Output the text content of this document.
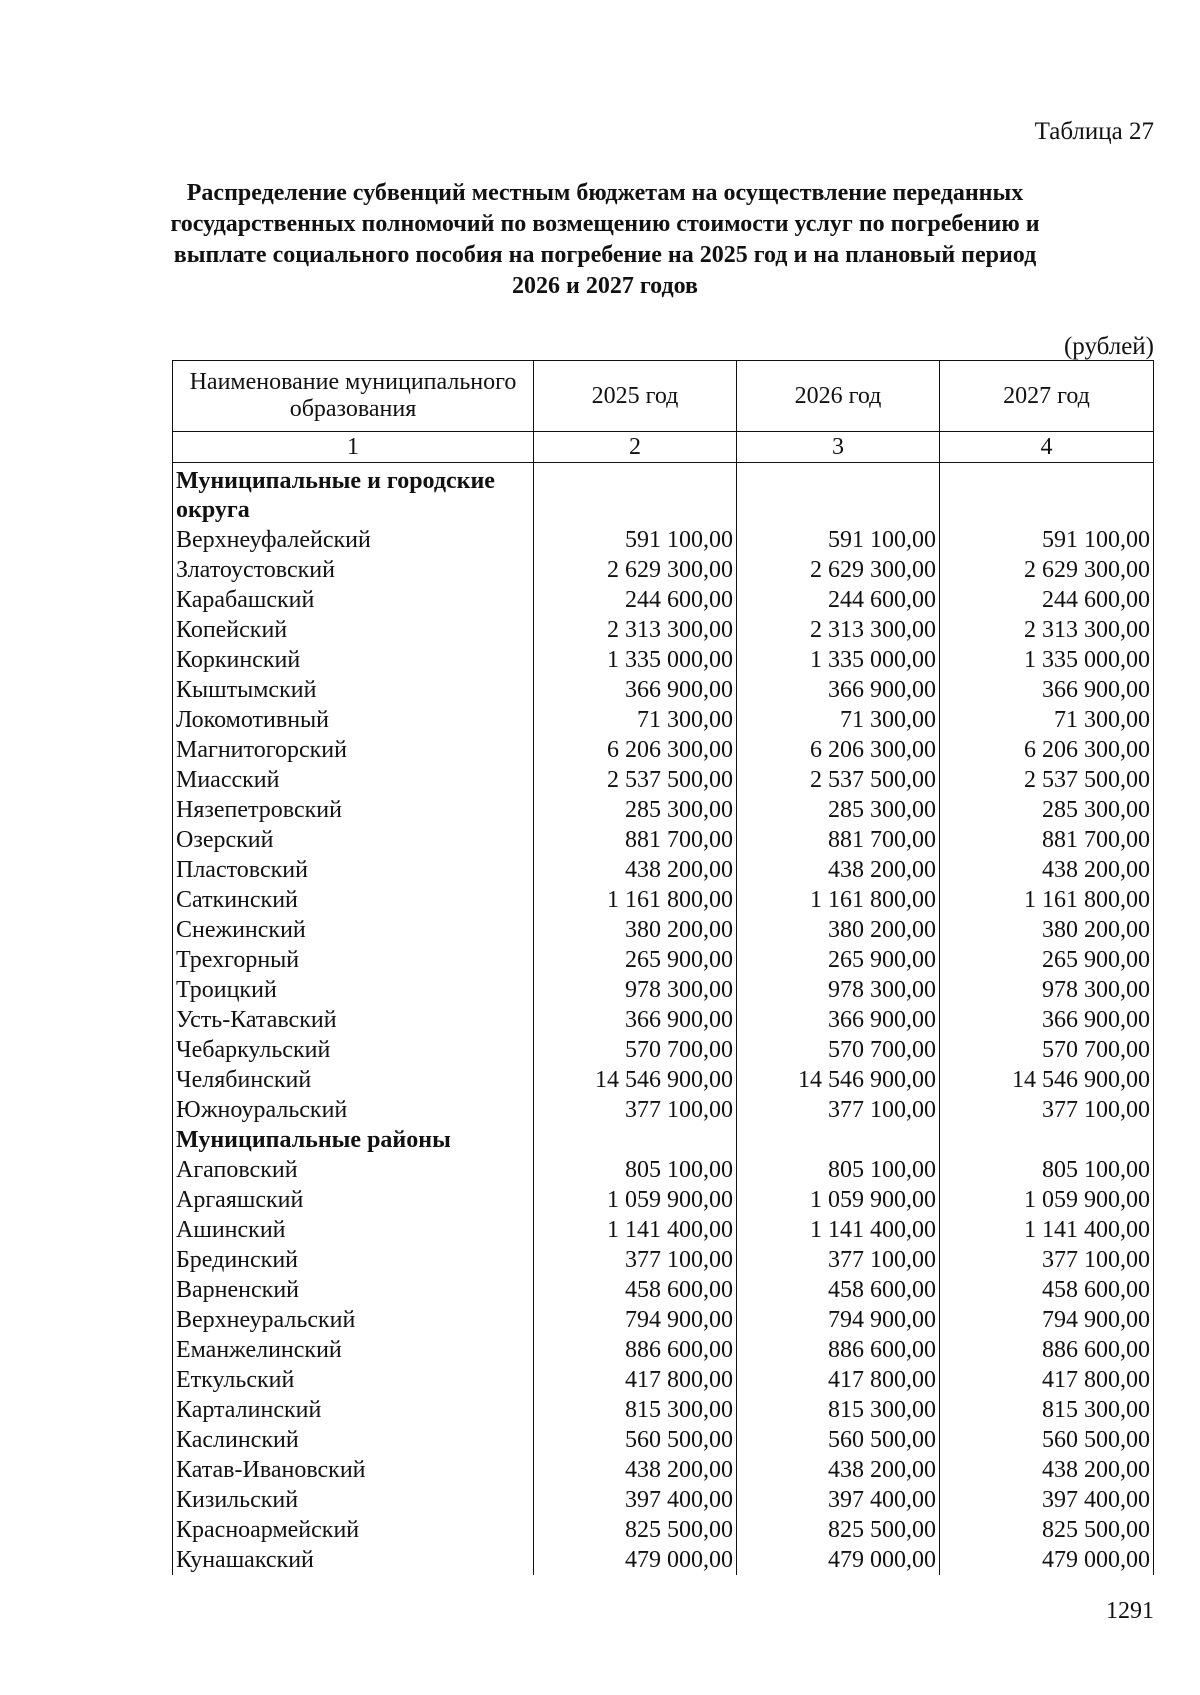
Таблица 27
Распределение субвенций местным бюджетам на осуществление переданных
государственных полномочий по возмещению стоимости услуг по погребению и
выплате социального пособия на погребение на 2025 год и на плановый период
2026 и 2027 годов
(рублей)
Наименование муниципального образования	2025 год	2026 год	2027 год
1	2	3	4

Муниципальные и городские округа			
Верхнеуфалейский	591 100,00	591 100,00	591 100,00
Златоустовский	2 629 300,00	2 629 300,00	2 629 300,00
Карабашский	244 600,00	244 600,00	244 600,00
Копейский	2 313 300,00	2 313 300,00	2 313 300,00
Коркинский	1 335 000,00	1 335 000,00	1 335 000,00
Кыштымский	366 900,00	366 900,00	366 900,00
Локомотивный	71 300,00	71 300,00	71 300,00
Магнитогорский	6 206 300,00	6 206 300,00	6 206 300,00
Миасский	2 537 500,00	2 537 500,00	2 537 500,00
Нязепетровский	285 300,00	285 300,00	285 300,00
Озерский	881 700,00	881 700,00	881 700,00
Пластовский	438 200,00	438 200,00	438 200,00
Саткинский	1 161 800,00	1 161 800,00	1 161 800,00
Снежинский	380 200,00	380 200,00	380 200,00
Трехгорный	265 900,00	265 900,00	265 900,00
Троицкий	978 300,00	978 300,00	978 300,00
Усть-Катавский	366 900,00	366 900,00	366 900,00
Чебаркульский	570 700,00	570 700,00	570 700,00
Челябинский	14 546 900,00	14 546 900,00	14 546 900,00
Южноуральский	377 100,00	377 100,00	377 100,00
Муниципальные районы			
Агаповский	805 100,00	805 100,00	805 100,00
Аргаяшский	1 059 900,00	1 059 900,00	1 059 900,00
Ашинский	1 141 400,00	1 141 400,00	1 141 400,00
Брединский	377 100,00	377 100,00	377 100,00
Варненский	458 600,00	458 600,00	458 600,00
Верхнеуральский	794 900,00	794 900,00	794 900,00
Еманжелинский	886 600,00	886 600,00	886 600,00
Еткульский	417 800,00	417 800,00	417 800,00
Карталинский	815 300,00	815 300,00	815 300,00
Каслинский	560 500,00	560 500,00	560 500,00
Катав-Ивановский	438 200,00	438 200,00	438 200,00
Кизильский	397 400,00	397 400,00	397 400,00
Красноармейский	825 500,00	825 500,00	825 500,00
Кунашакский	479 000,00	479 000,00	479 000,00
1291
